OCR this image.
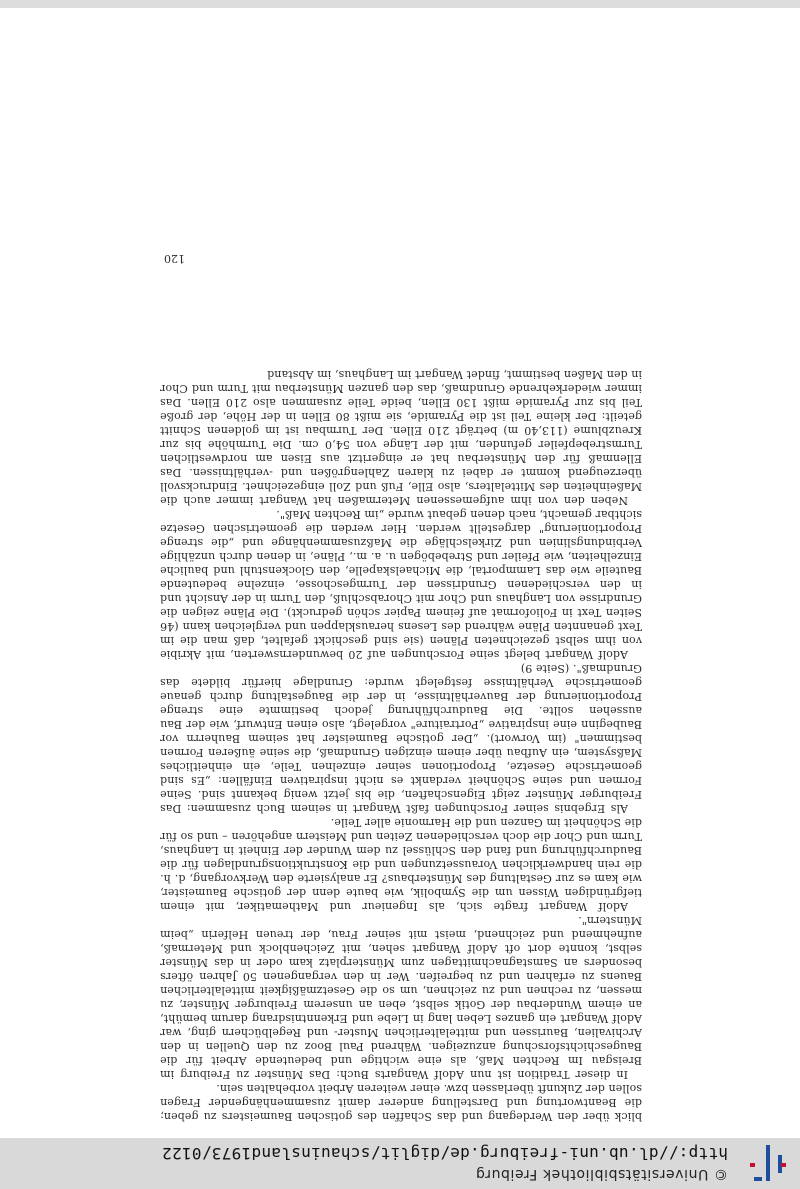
blick über den Werdegang und das Schaffen des gotischen Baumeisters zu geben; die Beantwortung und Darstellung anderer damit zusammenhängender Fragen sollen der Zukunft überlassen bzw. einer weiteren Arbeit vorbehalten sein.

In dieser Tradition ist nun Adolf Wangarts Buch: Das Münster zu Freiburg im Breisgau Im Rechten Maß, als eine wichtige und bedeutende Arbeit für die Baugeschichtsforschung anzuzeigen. Während Paul Booz zu den Quellen in den Archivalien, Baurissen und mittelalterlichen Muster- und Regelbüchern ging, war Adolf Wangart ein ganzes Leben lang in Liebe und Erkenntnisdrang darum bemüht, an einem Wunderbau der Gotik selbst, eben an unserem Freiburger Münster, zu messen, zu rechnen und zu zeichnen, um so die Gesetzmäßigkeit mittelalterlichen Bauens zu erfahren und zu begreifen. Wer in den vergangenen 50 Jahren öfters besonders an Samstagnachmittagen zum Münsterplatz kam oder in das Münster selbst, konnte dort oft Adolf Wangart sehen, mit Zeichenblock und Metermaß, aufnehmend und zeichnend, meist mit seiner Frau, der treuen Helferin „beim Münstern".

Adolf Wangart fragte sich, als Ingenieur und Mathematiker, mit einem tiefgründigen Wissen um die Symbolik, wie baute denn der gotische Baumeister, wie kam es zur Gestaltung des Münsterbaus? Er analysierte den Werkvorgang, d. h. die rein handwerklichen Voraussetzungen und die Konstruktionsgrundlagen für die Baudurchführung und fand den Schlüssel zu dem Wunder der Einheit in Langhaus, Turm und Chor die doch verschiedenen Zeiten und Meistern angehören – und so für die Schönheit im Ganzen und die Harmonie aller Teile.

Als Ergebnis seiner Forschungen faßt Wangart in seinem Buch zusammen: Das Freiburger Münster zeigt Eigenschaften, die bis jetzt wenig bekannt sind. Seine Formen und seine Schönheit verdankt es nicht inspirativen Einfällen: „Es sind geometrische Gesetze, Proportionen seiner einzelnen Teile, ein einheitliches Maßsystem, ein Aufbau über einem einzigen Grundmaß, die seine äußeren Formen bestimmen" (im Vorwort). „Der gotische Baumeister hat seinem Bauherrn vor Baubeginn eine inspirative „Portraiture" vorgelegt, also einen Entwurf, wie der Bau aussehen sollte. Die Baudurchführung jedoch bestimmte eine strenge Proportionierung der Bauverhältnisse, in der die Baugestaltung durch genaue geometrische Verhältnisse festgelegt wurde: Grundlage hierfür bildete das Grundmaß". (Seite 9)

Adolf Wangart belegt seine Forschungen auf 20 bewundernswerten, mit Akribie von ihm selbst gezeichneten Plänen (sie sind geschickt gefaltet, daß man die im Text genannten Pläne während des Lesens herausklappen und vergleichen kann (46 Seiten Text in Folioformat auf feinem Papier schön gedruckt). Die Pläne zeigen die Grundrisse von Langhaus und Chor mit Chorabschluß, den Turm in der Ansicht und in den verschiedenen Grundrissen der Turmgeschosse, einzelne bedeutende Bauteile wie das Lammportal, die Michaelskapelle, den Glockenstuhl und bauliche Einzelheiten, wie Pfeiler und Strebebögen u. a. m., Pläne, in denen durch unzählige Verbindungslinien und Zirkelschläge die Maßzusammenhänge und „die strenge Proportionierung" dargestellt werden. Hier werden die geometrischen Gesetze sichtbar gemacht, nach denen gebaut wurde „im Rechten Maß".

Neben den von ihm aufgemessenen Metermaßen hat Wangart immer auch die Maßeinheiten des Mittelalters, also Elle, Fuß und Zoll eingezeichnet. Eindrucksvoll überzeugend kommt er dabei zu klaren Zahlengrößen und -verhältnissen. Das Ellenmaß für den Münsterbau hat er eingeritzt aus Eisen am nordwestlichen Turmstrebepfeiler gefunden, mit der Länge von 54,0 cm. Die Turmhöhe bis zur Kreuzblume (113,40 m) beträgt 210 Ellen. Der Turmbau ist im goldenen Schnitt geteilt: Der kleine Teil ist die Pyramide, sie mißt 80 Ellen in der Höhe, der große Teil bis zur Pyramide mißt 130 Ellen, beide Teile zusammen also 210 Ellen. Das immer wiederkehrende Grundmaß, das den ganzen Münsterbau mit Turm und Chor in den Maßen bestimmt, findet Wangart im Langhaus, im Abstand

120
© Universitätsbibliothek Freiburg
http://dl.ub.uni-freiburg.de/diglit/schauinsland1973/0122
